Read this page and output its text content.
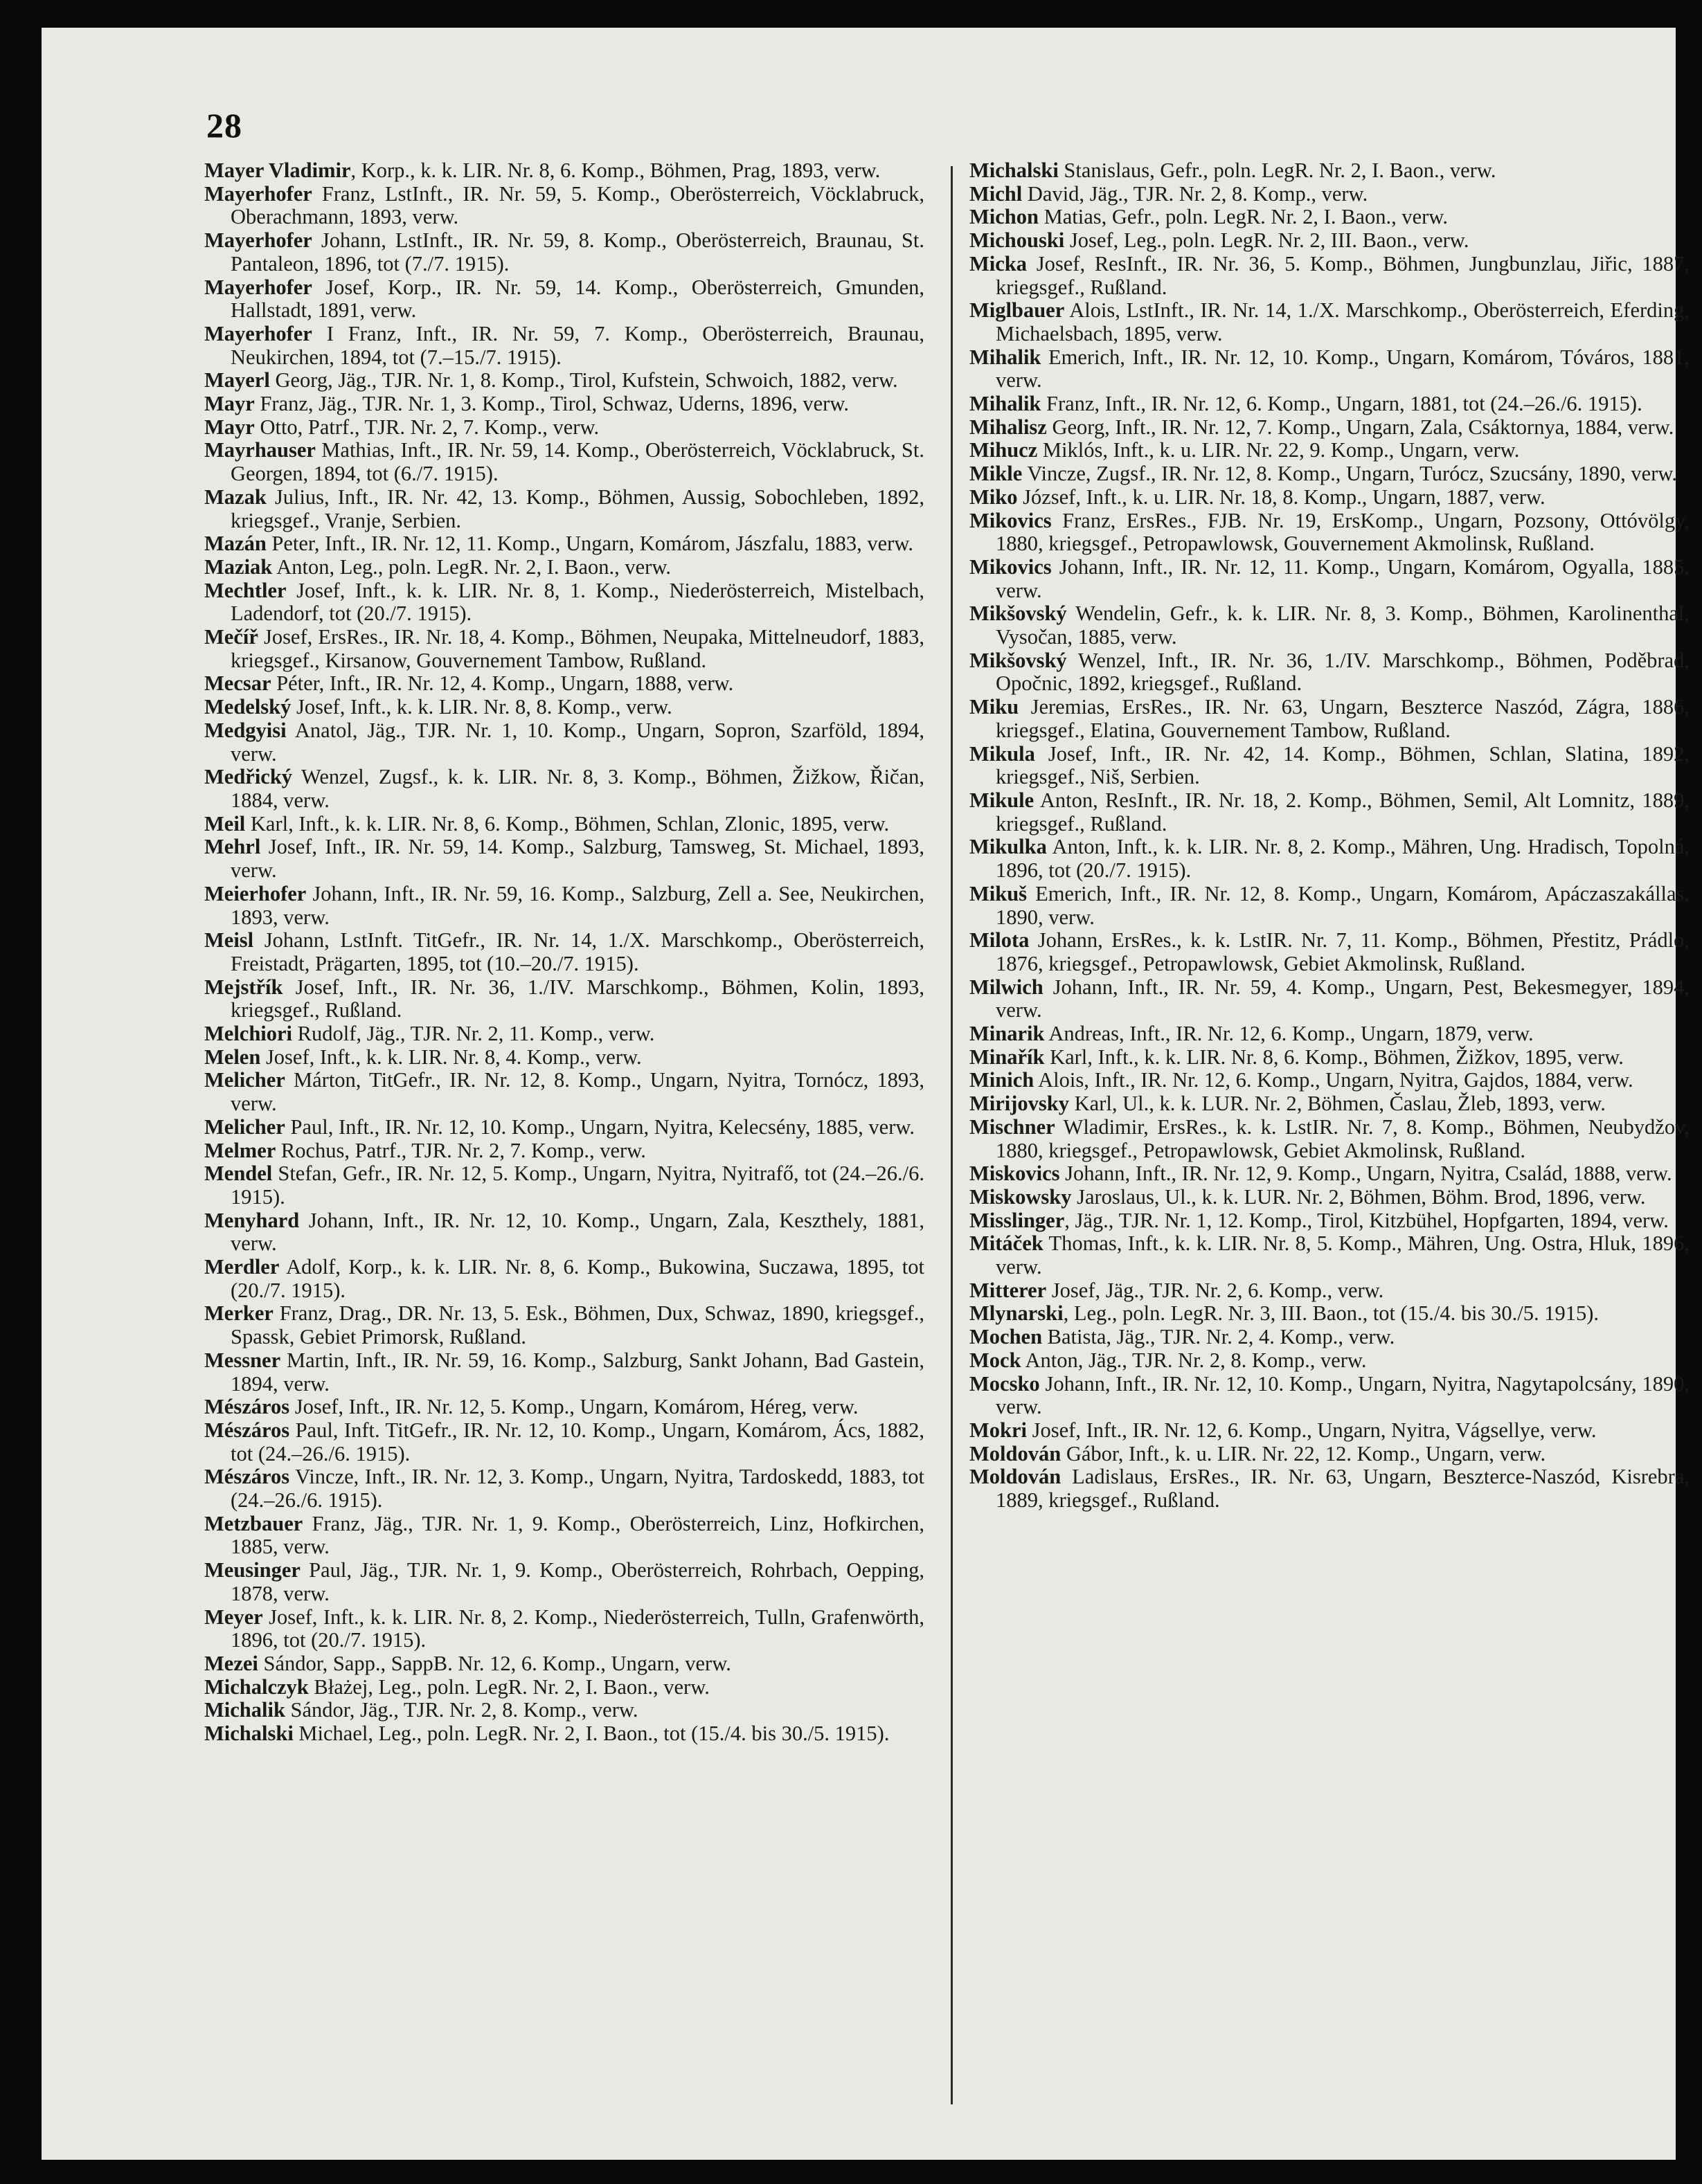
28

Mayer Vladimir, Korp., k. k. LIR. Nr. 8, 6. Komp., Böhmen, Prag, 1893, verw.

Mayerhofer Franz, LstInft., IR. Nr. 59, 5. Komp., Oberösterreich, Vöcklabruck, Oberachmann, 1893, verw.

Mayerhofer Johann, LstInft., IR. Nr. 59, 8. Komp., Oberösterreich, Braunau, St. Pantaleon, 1896, tot (7./7. 1915).

Mayerhofer Josef, Korp., IR. Nr. 59, 14. Komp., Oberösterreich, Gmunden, Hallstadt, 1891, verw.

Mayerhofer I Franz, Inft., IR. Nr. 59, 7. Komp., Oberösterreich, Braunau, Neukirchen, 1894, tot (7.–15./7. 1915).

Mayerl Georg, Jäg., TJR. Nr. 1, 8. Komp., Tirol, Kufstein, Schwoich, 1882, verw.

Mayr Franz, Jäg., TJR. Nr. 1, 3. Komp., Tirol, Schwaz, Uderns, 1896, verw.

Mayr Otto, Patrf., TJR. Nr. 2, 7. Komp., verw.

Mayrhauser Mathias, Inft., IR. Nr. 59, 14. Komp., Oberösterreich, Vöcklabruck, St. Georgen, 1894, tot (6./7. 1915).

Mazak Julius, Inft., IR. Nr. 42, 13. Komp., Böhmen, Aussig, Sobochleben, 1892, kriegsgef., Vranje, Serbien.

Mazán Peter, Inft., IR. Nr. 12, 11. Komp., Ungarn, Komárom, Jászfalu, 1883, verw.

Maziak Anton, Leg., poln. LegR. Nr. 2, I. Baon., verw.

Mechtler Josef, Inft., k. k. LIR. Nr. 8, 1. Komp., Niederösterreich, Mistelbach, Ladendorf, tot (20./7. 1915).

Mečíř Josef, ErsRes., IR. Nr. 18, 4. Komp., Böhmen, Neupaka, Mittelneudorf, 1883, kriegsgef., Kirsanow, Gouvernement Tambow, Rußland.

Mecsar Péter, Inft., IR. Nr. 12, 4. Komp., Ungarn, 1888, verw.

Medelský Josef, Inft., k. k. LIR. Nr. 8, 8. Komp., verw.

Medgyisi Anatol, Jäg., TJR. Nr. 1, 10. Komp., Ungarn, Sopron, Szarföld, 1894, verw.

Medřický Wenzel, Zugsf., k. k. LIR. Nr. 8, 3. Komp., Böhmen, Žižkow, Řičan, 1884, verw.

Meil Karl, Inft., k. k. LIR. Nr. 8, 6. Komp., Böhmen, Schlan, Zlonic, 1895, verw.

Mehrl Josef, Inft., IR. Nr. 59, 14. Komp., Salzburg, Tamsweg, St. Michael, 1893, verw.

Meierhofer Johann, Inft., IR. Nr. 59, 16. Komp., Salzburg, Zell a. See, Neukirchen, 1893, verw.

Meisl Johann, LstInft. TitGefr., IR. Nr. 14, 1./X. Marschkomp., Oberösterreich, Freistadt, Prägarten, 1895, tot (10.–20./7. 1915).

Mejstřík Josef, Inft., IR. Nr. 36, 1./IV. Marschkomp., Böhmen, Kolin, 1893, kriegsgef., Rußland.

Melchiori Rudolf, Jäg., TJR. Nr. 2, 11. Komp., verw.

Melen Josef, Inft., k. k. LIR. Nr. 8, 4. Komp., verw.

Melicher Márton, TitGefr., IR. Nr. 12, 8. Komp., Ungarn, Nyitra, Tornócz, 1893, verw.

Melicher Paul, Inft., IR. Nr. 12, 10. Komp., Ungarn, Nyitra, Kelecsény, 1885, verw.

Melmer Rochus, Patrf., TJR. Nr. 2, 7. Komp., verw.

Mendel Stefan, Gefr., IR. Nr. 12, 5. Komp., Ungarn, Nyitra, Nyitrafő, tot (24.–26./6. 1915).

Menyhard Johann, Inft., IR. Nr. 12, 10. Komp., Ungarn, Zala, Keszthely, 1881, verw.

Merdler Adolf, Korp., k. k. LIR. Nr. 8, 6. Komp., Bukowina, Suczawa, 1895, tot (20./7. 1915).

Merker Franz, Drag., DR. Nr. 13, 5. Esk., Böhmen, Dux, Schwaz, 1890, kriegsgef., Spassk, Gebiet Primorsk, Rußland.

Messner Martin, Inft., IR. Nr. 59, 16. Komp., Salzburg, Sankt Johann, Bad Gastein, 1894, verw.

Mészáros Josef, Inft., IR. Nr. 12, 5. Komp., Ungarn, Komárom, Héreg, verw.

Mészáros Paul, Inft. TitGefr., IR. Nr. 12, 10. Komp., Ungarn, Komárom, Ács, 1882, tot (24.–26./6. 1915).

Mészáros Vincze, Inft., IR. Nr. 12, 3. Komp., Ungarn, Nyitra, Tardoskedd, 1883, tot (24.–26./6. 1915).

Metzbauer Franz, Jäg., TJR. Nr. 1, 9. Komp., Oberösterreich, Linz, Hofkirchen, 1885, verw.

Meusinger Paul, Jäg., TJR. Nr. 1, 9. Komp., Oberösterreich, Rohrbach, Oepping, 1878, verw.

Meyer Josef, Inft., k. k. LIR. Nr. 8, 2. Komp., Niederösterreich, Tulln, Grafenwörth, 1896, tot (20./7. 1915).

Mezei Sándor, Sapp., SappB. Nr. 12, 6. Komp., Ungarn, verw.

Michalczyk Błażej, Leg., poln. LegR. Nr. 2, I. Baon., verw.

Michalik Sándor, Jäg., TJR. Nr. 2, 8. Komp., verw.

Michalski Michael, Leg., poln. LegR. Nr. 2, I. Baon., tot (15./4. bis 30./5. 1915).

Michalski Stanislaus, Gefr., poln. LegR. Nr. 2, I. Baon., verw.

Michl David, Jäg., TJR. Nr. 2, 8. Komp., verw.

Michon Matias, Gefr., poln. LegR. Nr. 2, I. Baon., verw.

Michouski Josef, Leg., poln. LegR. Nr. 2, III. Baon., verw.

Micka Josef, ResInft., IR. Nr. 36, 5. Komp., Böhmen, Jungbunzlau, Jiřic, 1887, kriegsgef., Rußland.

Miglbauer Alois, LstInft., IR. Nr. 14, 1./X. Marschkomp., Oberösterreich, Eferding, Michaelsbach, 1895, verw.

Mihalik Emerich, Inft., IR. Nr. 12, 10. Komp., Ungarn, Komárom, Tóváros, 1881, verw.

Mihalik Franz, Inft., IR. Nr. 12, 6. Komp., Ungarn, 1881, tot (24.–26./6. 1915).

Mihalisz Georg, Inft., IR. Nr. 12, 7. Komp., Ungarn, Zala, Csáktornya, 1884, verw.

Mihucz Miklós, Inft., k. u. LIR. Nr. 22, 9. Komp., Ungarn, verw.

Mikle Vincze, Zugsf., IR. Nr. 12, 8. Komp., Ungarn, Turócz, Szucsány, 1890, verw.

Miko József, Inft., k. u. LIR. Nr. 18, 8. Komp., Ungarn, 1887, verw.

Mikovics Franz, ErsRes., FJB. Nr. 19, ErsKomp., Ungarn, Pozsony, Ottóvölgy, 1880, kriegsgef., Petropawlowsk, Gouvernement Akmolinsk, Rußland.

Mikovics Johann, Inft., IR. Nr. 12, 11. Komp., Ungarn, Komárom, Ogyalla, 1885, verw.

Mikšovský Wendelin, Gefr., k. k. LIR. Nr. 8, 3. Komp., Böhmen, Karolinenthal, Vysočan, 1885, verw.

Mikšovský Wenzel, Inft., IR. Nr. 36, 1./IV. Marschkomp., Böhmen, Poděbrad, Opočnic, 1892, kriegsgef., Rußland.

Miku Jeremias, ErsRes., IR. Nr. 63, Ungarn, Beszterce Naszód, Zágra, 1886, kriegsgef., Elatina, Gouvernement Tambow, Rußland.

Mikula Josef, Inft., IR. Nr. 42, 14. Komp., Böhmen, Schlan, Slatina, 1892, kriegsgef., Niš, Serbien.

Mikule Anton, ResInft., IR. Nr. 18, 2. Komp., Böhmen, Semil, Alt Lomnitz, 1889, kriegsgef., Rußland.

Mikulka Anton, Inft., k. k. LIR. Nr. 8, 2. Komp., Mähren, Ung. Hradisch, Topolná, 1896, tot (20./7. 1915).

Mikuš Emerich, Inft., IR. Nr. 12, 8. Komp., Ungarn, Komárom, Apáczaszakállas, 1890, verw.

Milota Johann, ErsRes., k. k. LstIR. Nr. 7, 11. Komp., Böhmen, Přestitz, Prádlo, 1876, kriegsgef., Petropawlowsk, Gebiet Akmolinsk, Rußland.

Milwich Johann, Inft., IR. Nr. 59, 4. Komp., Ungarn, Pest, Bekesmegyer, 1894, verw.

Minarik Andreas, Inft., IR. Nr. 12, 6. Komp., Ungarn, 1879, verw.

Minařík Karl, Inft., k. k. LIR. Nr. 8, 6. Komp., Böhmen, Žižkov, 1895, verw.

Minich Alois, Inft., IR. Nr. 12, 6. Komp., Ungarn, Nyitra, Gajdos, 1884, verw.

Mirijovsky Karl, Ul., k. k. LUR. Nr. 2, Böhmen, Časlau, Žleb, 1893, verw.

Mischner Wladimir, ErsRes., k. k. LstIR. Nr. 7, 8. Komp., Böhmen, Neubydžov, 1880, kriegsgef., Petropawlowsk, Gebiet Akmolinsk, Rußland.

Miskovics Johann, Inft., IR. Nr. 12, 9. Komp., Ungarn, Nyitra, Család, 1888, verw.

Miskowsky Jaroslaus, Ul., k. k. LUR. Nr. 2, Böhmen, Böhm. Brod, 1896, verw.

Misslinger, Jäg., TJR. Nr. 1, 12. Komp., Tirol, Kitzbühel, Hopfgarten, 1894, verw.

Mitáček Thomas, Inft., k. k. LIR. Nr. 8, 5. Komp., Mähren, Ung. Ostra, Hluk, 1896, verw.

Mitterer Josef, Jäg., TJR. Nr. 2, 6. Komp., verw.

Mlynarski, Leg., poln. LegR. Nr. 3, III. Baon., tot (15./4. bis 30./5. 1915).

Mochen Batista, Jäg., TJR. Nr. 2, 4. Komp., verw.

Mock Anton, Jäg., TJR. Nr. 2, 8. Komp., verw.

Mocsko Johann, Inft., IR. Nr. 12, 10. Komp., Ungarn, Nyitra, Nagytapolcsány, 1890, verw.

Mokri Josef, Inft., IR. Nr. 12, 6. Komp., Ungarn, Nyitra, Vágsellye, verw.

Moldován Gábor, Inft., k. u. LIR. Nr. 22, 12. Komp., Ungarn, verw.

Moldován Ladislaus, ErsRes., IR. Nr. 63, Ungarn, Beszterce-Naszód, Kisrebra, 1889, kriegsgef., Rußland.
